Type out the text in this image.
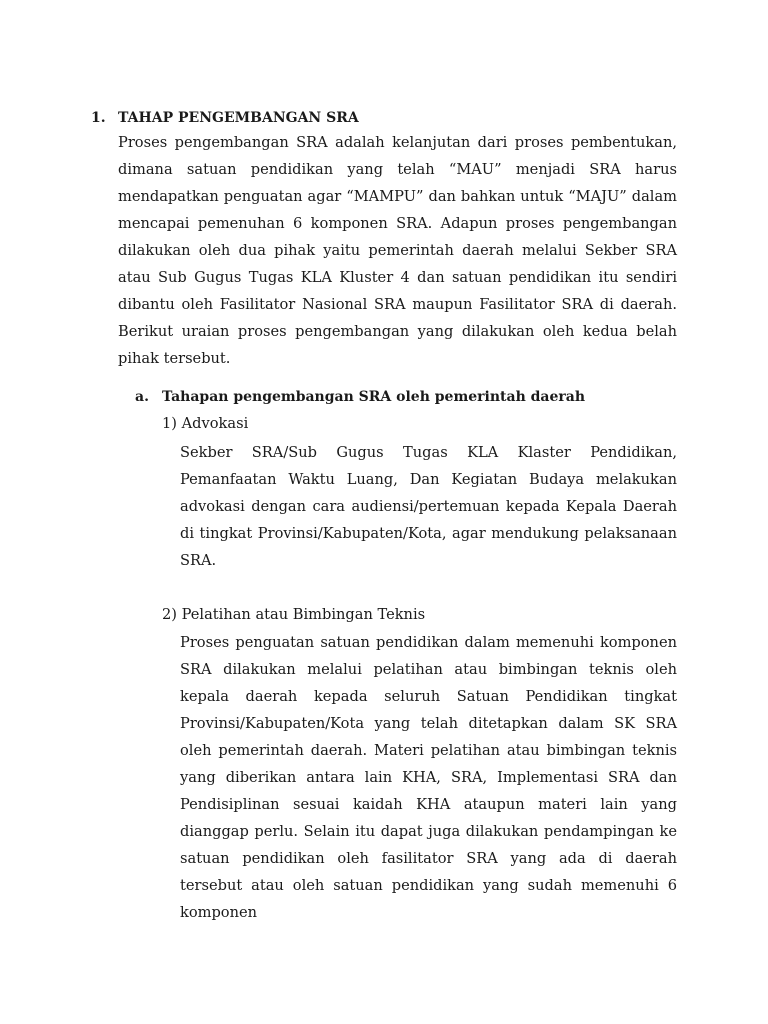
1. TAHAP PENGEMBANGAN SRA

Proses pengembangan SRA adalah kelanjutan dari proses pembentukan, dimana satuan pendidikan yang telah “MAU” menjadi SRA harus mendapatkan penguatan agar “MAMPU” dan bahkan untuk “MAJU” dalam mencapai pemenuhan 6 komponen SRA. Adapun proses pengembangan dilakukan oleh dua pihak yaitu pemerintah daerah melalui Sekber SRA atau Sub Gugus Tugas KLA Kluster 4 dan satuan pendidikan itu sendiri dibantu oleh Fasilitator Nasional SRA maupun Fasilitator SRA di daerah. Berikut uraian proses pengembangan yang dilakukan oleh kedua belah pihak tersebut.

a. Tahapan pengembangan SRA oleh pemerintah daerah
1) Advokasi

Sekber SRA/Sub Gugus Tugas KLA Klaster Pendidikan, Pemanfaatan Waktu Luang, Dan Kegiatan Budaya melakukan advokasi dengan cara audiensi/pertemuan kepada Kepala Daerah di tingkat Provinsi/Kabupaten/Kota, agar mendukung pelaksanaan SRA.

2) Pelatihan atau Bimbingan Teknis

Proses penguatan satuan pendidikan dalam memenuhi komponen SRA dilakukan melalui pelatihan atau bimbingan teknis oleh kepala daerah kepada seluruh Satuan Pendidikan tingkat Provinsi/Kabupaten/Kota yang telah ditetapkan dalam SK SRA oleh pemerintah daerah. Materi pelatihan atau bimbingan teknis yang diberikan antara lain KHA, SRA, Implementasi SRA dan Pendisiplinan sesuai kaidah KHA ataupun materi lain yang dianggap perlu. Selain itu dapat juga dilakukan pendampingan ke satuan pendidikan oleh fasilitator SRA yang ada di daerah tersebut atau oleh satuan pendidikan yang sudah memenuhi 6 komponen
